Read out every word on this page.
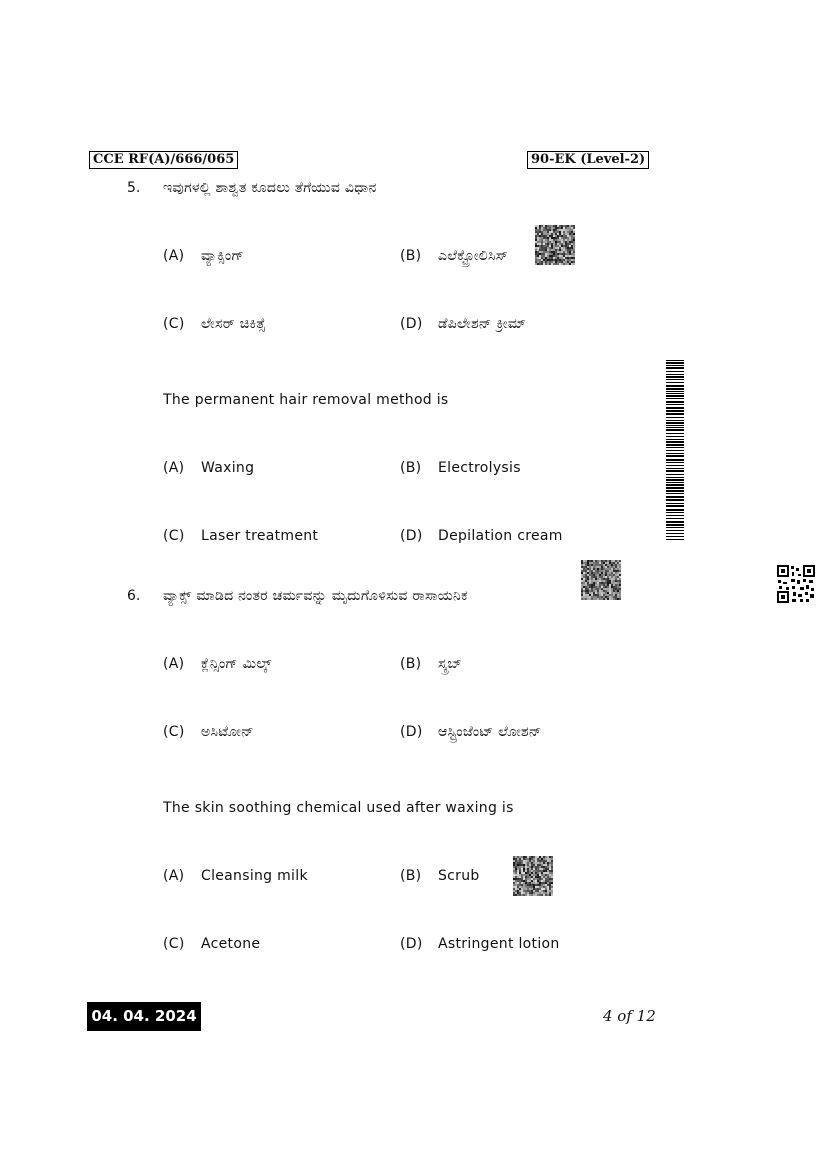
CCE RF(A)/666/065	90-EK (Level-2)
5. ಇವುಗಳಲ್ಲಿ ಶಾಶ್ವತ ಕೂದಲು ತೆಗೆಯುವ ವಿಧಾನ
(A) ವ್ಯಾಕ್ಸಿಂಗ್	(B) ಎಲೆಕ್ಟ್ರೋಲಿಸಿಸ್
(C) ಲೇಸರ್ ಚಿಕಿತ್ಸೆ	(D) ಡೆಪಿಲೇಶನ್ ಕ್ರೀಮ್
The permanent hair removal method is
(A) Waxing	(B) Electrolysis
(C) Laser treatment	(D) Depilation cream
6. ವ್ಯಾಕ್ಸ್ ಮಾಡಿದ ನಂತರ ಚರ್ಮವನ್ನು ಮೃದುಗೊಳಿಸುವ ರಾಸಾಯನಿಕ
(A) ಕ್ಲೆನ್ಸಿಂಗ್ ಮಿಲ್ಕ್	(B) ಸ್ಕ್ರಬ್
(C) ಅಸಿಟೋನ್	(D) ಆಸ್ಟ್ರಿಂಜೆಂಟ್ ಲೋಶನ್
The skin soothing chemical used after waxing is
(A) Cleansing milk	(B) Scrub
(C) Acetone	(D) Astringent lotion
04. 04. 2024	4 of 12
